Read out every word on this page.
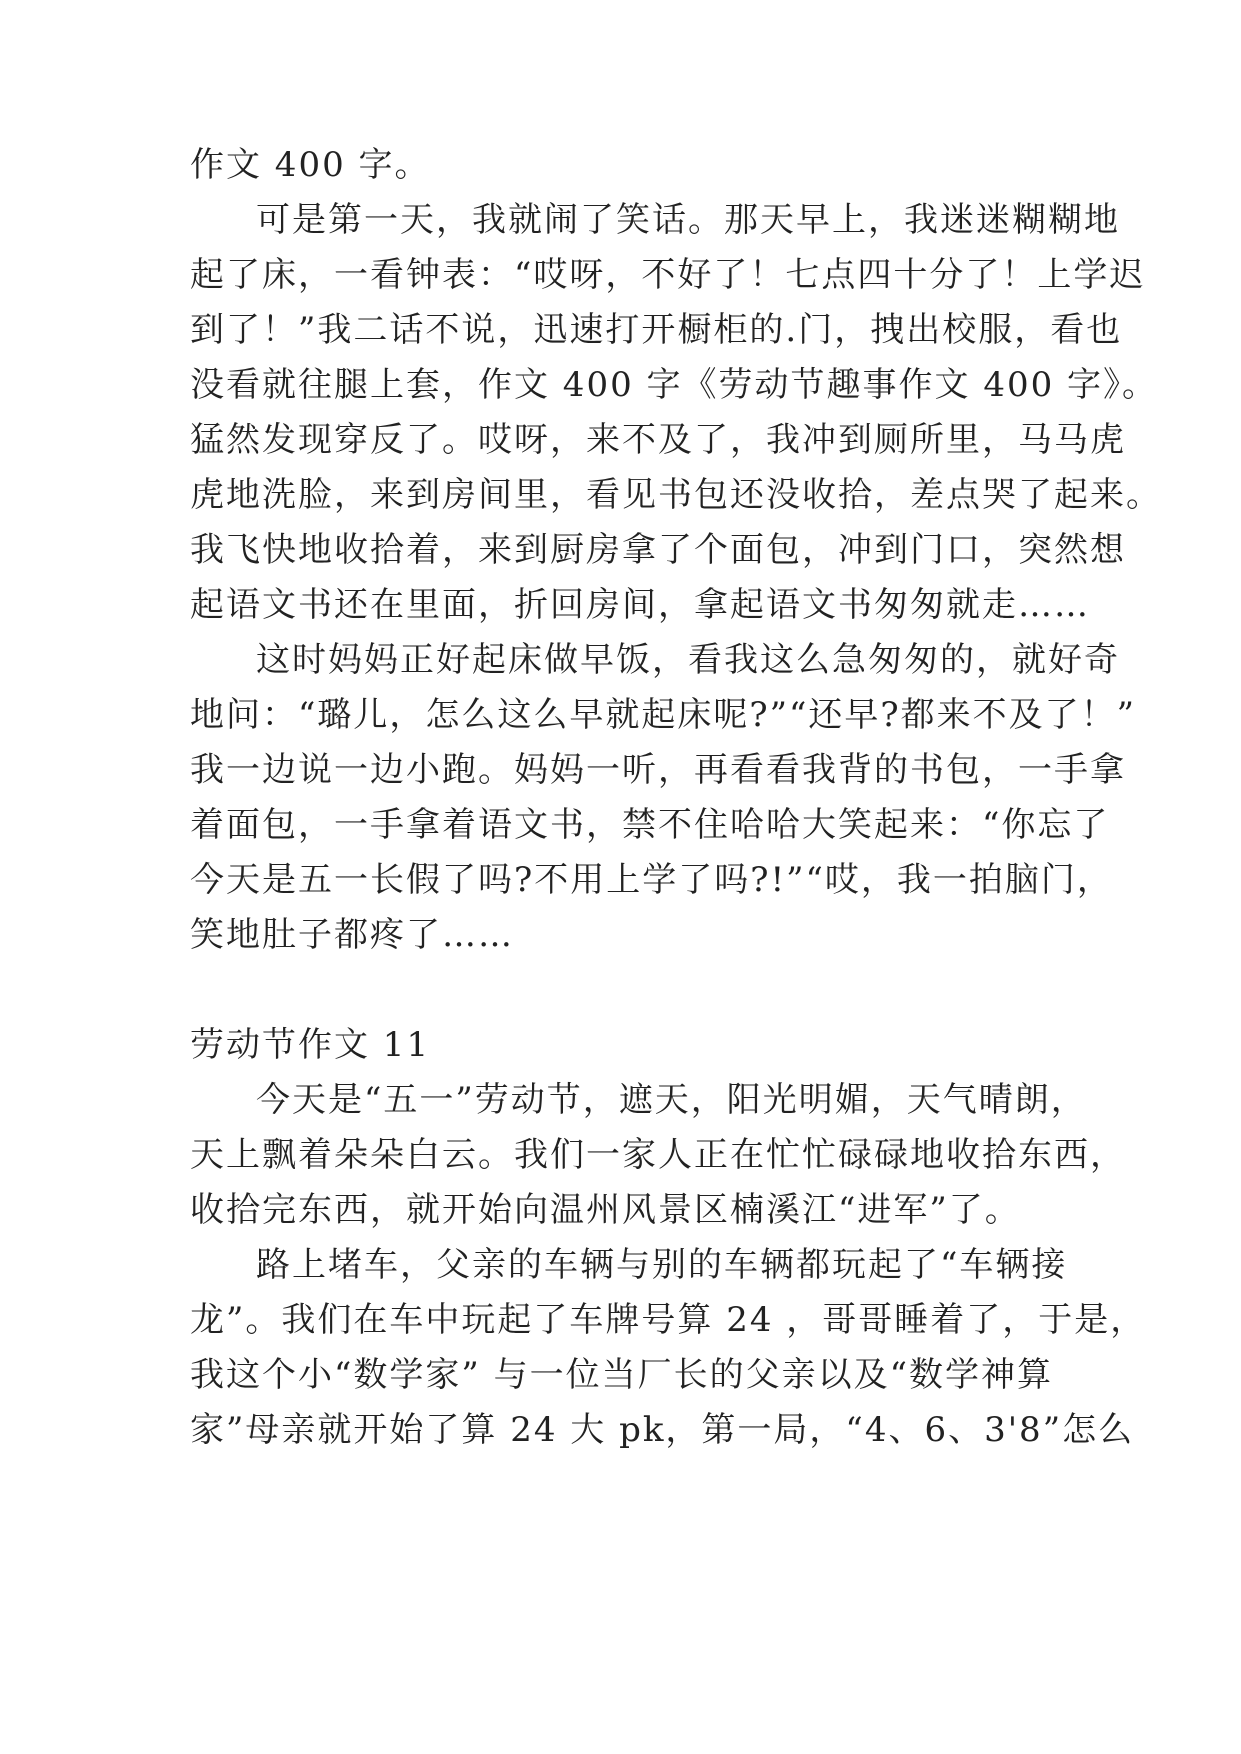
作文 400 字。
可是第一天，我就闹了笑话。那天早上，我迷迷糊糊地
起了床，一看钟表：“哎呀，不好了！七点四十分了！上学迟
到了！”我二话不说，迅速打开橱柜的.门，拽出校服，看也
没看就往腿上套，作文 400 字《劳动节趣事作文 400 字》。
猛然发现穿反了。哎呀，来不及了，我冲到厕所里，马马虎
虎地洗脸，来到房间里，看见书包还没收拾，差点哭了起来。
我飞快地收拾着，来到厨房拿了个面包，冲到门口，突然想
起语文书还在里面，折回房间，拿起语文书匆匆就走……
这时妈妈正好起床做早饭，看我这么急匆匆的，就好奇
地问：“璐儿，怎么这么早就起床呢?”“还早?都来不及了！”
我一边说一边小跑。妈妈一听，再看看我背的书包，一手拿
着面包，一手拿着语文书，禁不住哈哈大笑起来：“你忘了
今天是五一长假了吗?不用上学了吗?!”“哎，我一拍脑门，
笑地肚子都疼了……
劳动节作文 11
今天是“五一”劳动节，遮天，阳光明媚，天气晴朗，
天上飘着朵朵白云。我们一家人正在忙忙碌碌地收拾东西，
收拾完东西，就开始向温州风景区楠溪江“进军”了。
路上堵车，父亲的车辆与别的车辆都玩起了“车辆接
龙”。我们在车中玩起了车牌号算 24 ，哥哥睡着了，于是，
我这个小“数学家” 与一位当厂长的父亲以及“数学神算
家”母亲就开始了算 24 大 pk，第一局，“4、6、3'8”怎么
